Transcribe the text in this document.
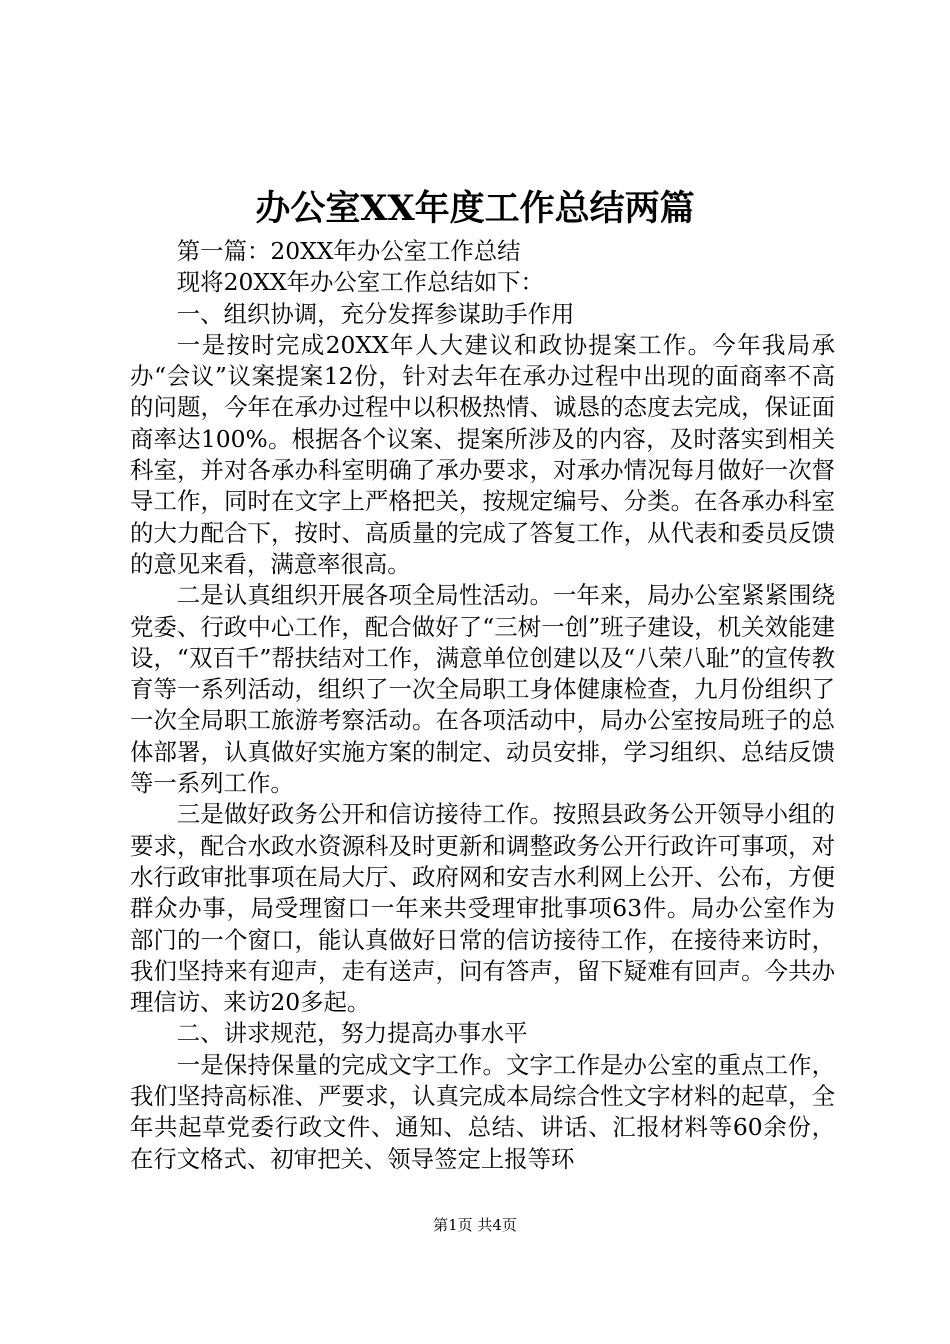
办公室XX年度工作总结两篇

第一篇：20XX年办公室工作总结

现将20XX年办公室工作总结如下：

一、组织协调，充分发挥参谋助手作用

一是按时完成20XX年人大建议和政协提案工作。今年我局承办“会议”议案提案12份，针对去年在承办过程中出现的面商率不高的问题，今年在承办过程中以积极热情、诚恳的态度去完成，保证面商率达100%。根据各个议案、提案所涉及的内容，及时落实到相关科室，并对各承办科室明确了承办要求，对承办情况每月做好一次督导工作，同时在文字上严格把关，按规定编号、分类。在各承办科室的大力配合下，按时、高质量的完成了答复工作，从代表和委员反馈的意见来看，满意率很高。

二是认真组织开展各项全局性活动。一年来，局办公室紧紧围绕党委、行政中心工作，配合做好了“三树一创”班子建设，机关效能建设，“双百千”帮扶结对工作，满意单位创建以及“八荣八耻”的宣传教育等一系列活动，组织了一次全局职工身体健康检查，九月份组织了一次全局职工旅游考察活动。在各项活动中，局办公室按局班子的总体部署，认真做好实施方案的制定、动员安排，学习组织、总结反馈等一系列工作。

三是做好政务公开和信访接待工作。按照县政务公开领导小组的要求，配合水政水资源科及时更新和调整政务公开行政许可事项，对水行政审批事项在局大厅、政府网和安吉水利网上公开、公布，方便群众办事，局受理窗口一年来共受理审批事项63件。局办公室作为部门的一个窗口，能认真做好日常的信访接待工作，在接待来访时，我们坚持来有迎声，走有送声，问有答声，留下疑难有回声。今共办理信访、来访20多起。

二、讲求规范，努力提高办事水平

一是保持保量的完成文字工作。文字工作是办公室的重点工作，我们坚持高标准、严要求，认真完成本局综合性文字材料的起草，全年共起草党委行政文件、通知、总结、讲话、汇报材料等60余份，在行文格式、初审把关、领导签定上报等环

第1页 共4页
